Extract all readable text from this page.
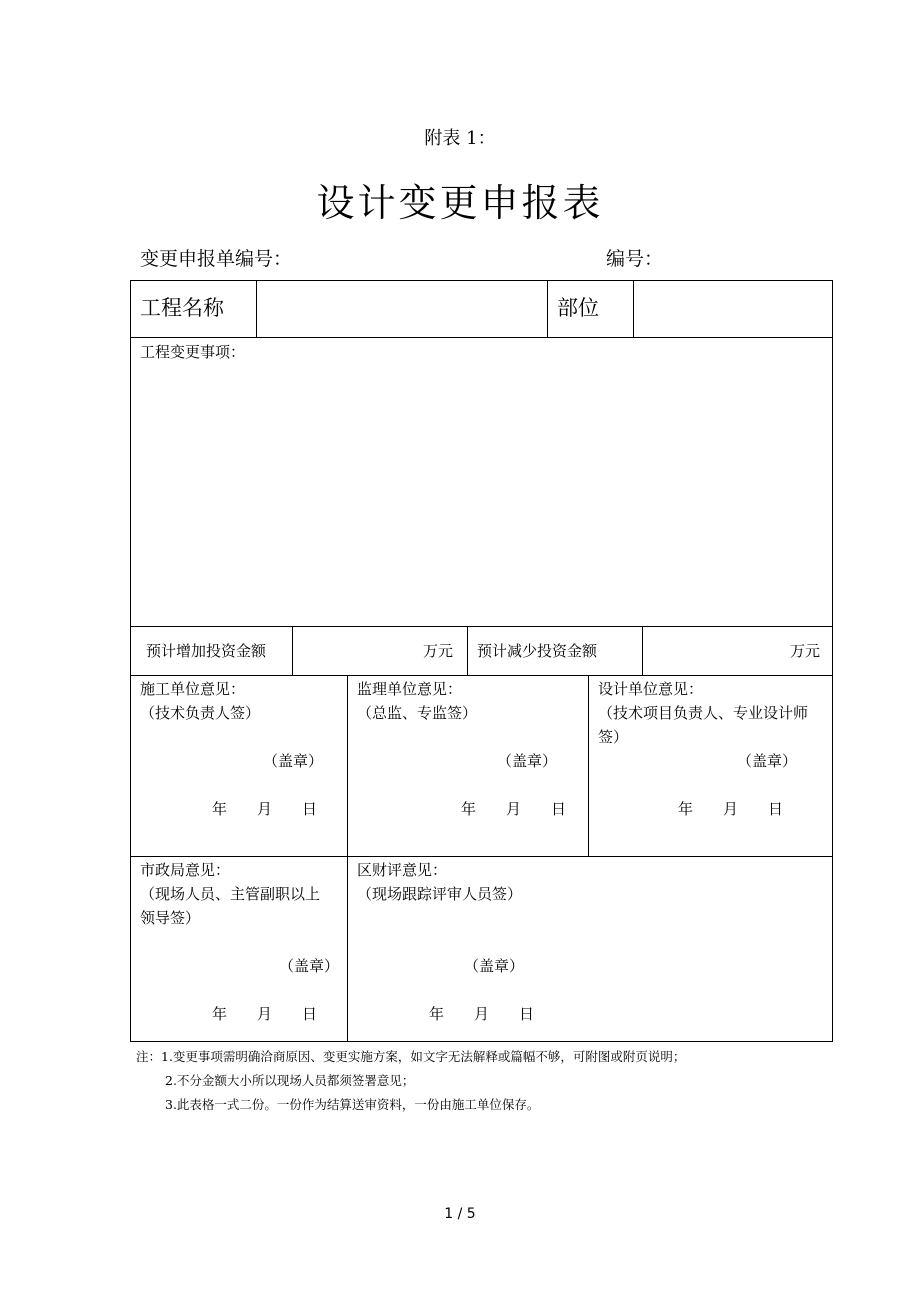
附表 1：
设计变更申报表
变更申报单编号：	编号：
工程名称	部位
工程变更事项：
预计增加投资金额	万元 预计减少投资金额	万元
施工单位意见：
（技术负责人签）
（盖章）
年　　月　　日
监理单位意见：
（总监、专监签）
（盖章）
年　　月　　日
设计单位意见：
（技术项目负责人、专业设计师
签）
（盖章）
年　　月　　日
市政局意见：
（现场人员、主管副职以上
领导签）
（盖章）
年　　月　　日
区财评意见：
（现场跟踪评审人员签）
（盖章）
年　　月　　日
注：1.变更事项需明确洽商原因、变更实施方案，如文字无法解释或篇幅不够，可附图或附页说明；
2.不分金额大小所以现场人员都须签署意见；
3.此表格一式二份。一份作为结算送审资料，一份由施工单位保存。
1 / 5
